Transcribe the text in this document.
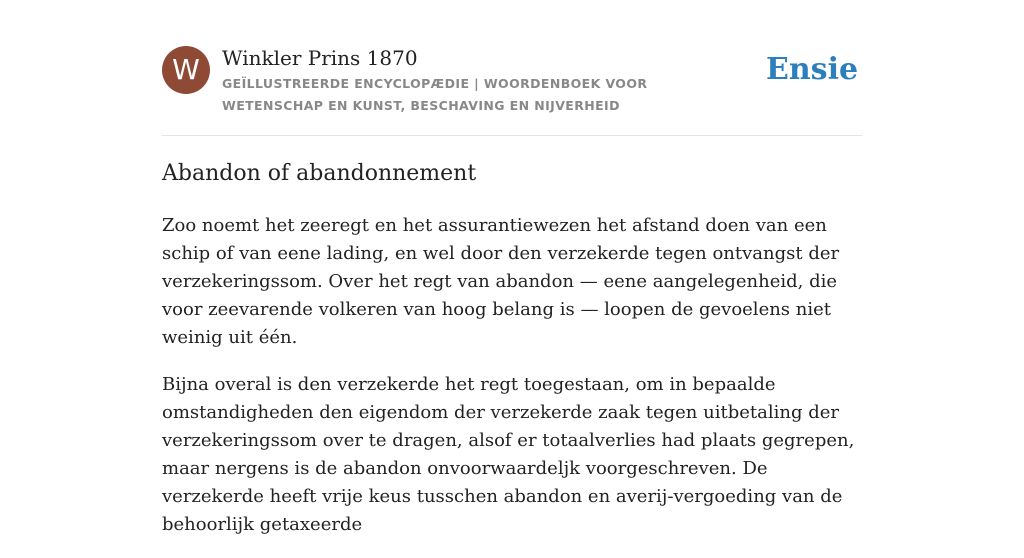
W	Winkler Prins 1870
GEÏLLUSTREERDE ENCYCLOPÆDIE | WOORDENBOEK VOOR WETENSCHAP EN KUNST, BESCHAVING EN NIJVERHEID
Ensie
Abandon of abandonnement

Zoo noemt het zeeregt en het assurantiewezen het afstand doen van een schip of van eene lading, en wel door den verzekerde tegen ontvangst der verzekeringssom. Over het regt van abandon — eene aangelegenheid, die voor zeevarende volkeren van hoog belang is — loopen de gevoelens niet weinig uit één.

Bijna overal is den verzekerde het regt toegestaan, om in bepaalde omstandigheden den eigendom der verzekerde zaak tegen uitbetaling der verzekeringssom over te dragen, alsof er totaalverlies had plaats gegrepen, maar nergens is de abandon onvoorwaardeljk voorgeschreven. De verzekerde heeft vrije keus tusschen abandon en averij-vergoeding van de behoorlijk getaxeerde
